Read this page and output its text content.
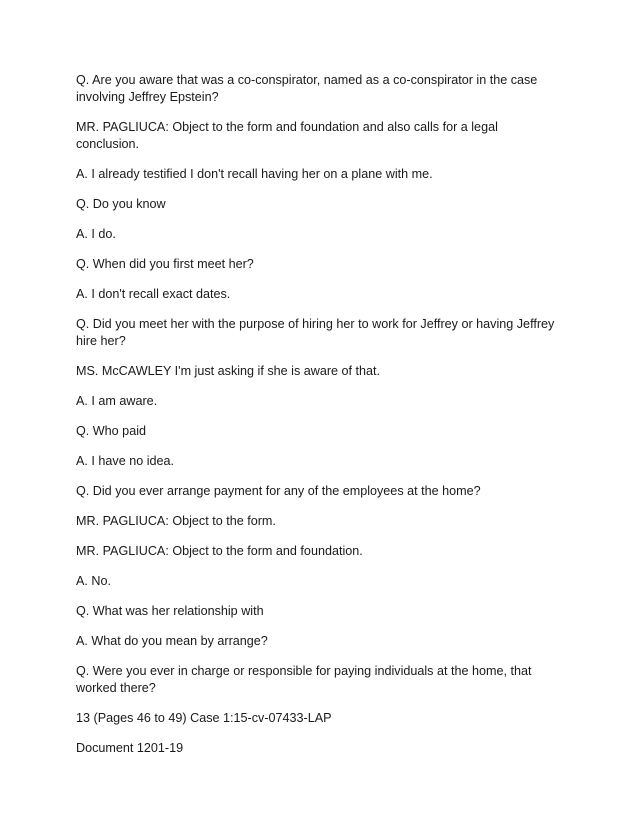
Q. Are you aware that was a co-conspirator, named as a co-conspirator in the case involving Jeffrey Epstein?

MR. PAGLIUCA: Object to the form and foundation and also calls for a legal conclusion.

A. I already testified I don't recall having her on a plane with me.

Q. Do you know

A. I do.

Q. When did you first meet her?

A. I don't recall exact dates.

Q. Did you meet her with the purpose of hiring her to work for Jeffrey or having Jeffrey hire her?

MS. McCAWLEY I'm just asking if she is aware of that.

A. I am aware.

Q. Who paid

A. I have no idea.

Q. Did you ever arrange payment for any of the employees at the home?

MR. PAGLIUCA: Object to the form.

MR. PAGLIUCA: Object to the form and foundation.

A. No.

Q. What was her relationship with

A. What do you mean by arrange?

Q. Were you ever in charge or responsible for paying individuals at the home, that worked there?

13 (Pages 46 to 49) Case 1:15-cv-07433-LAP

Document 1201-19
